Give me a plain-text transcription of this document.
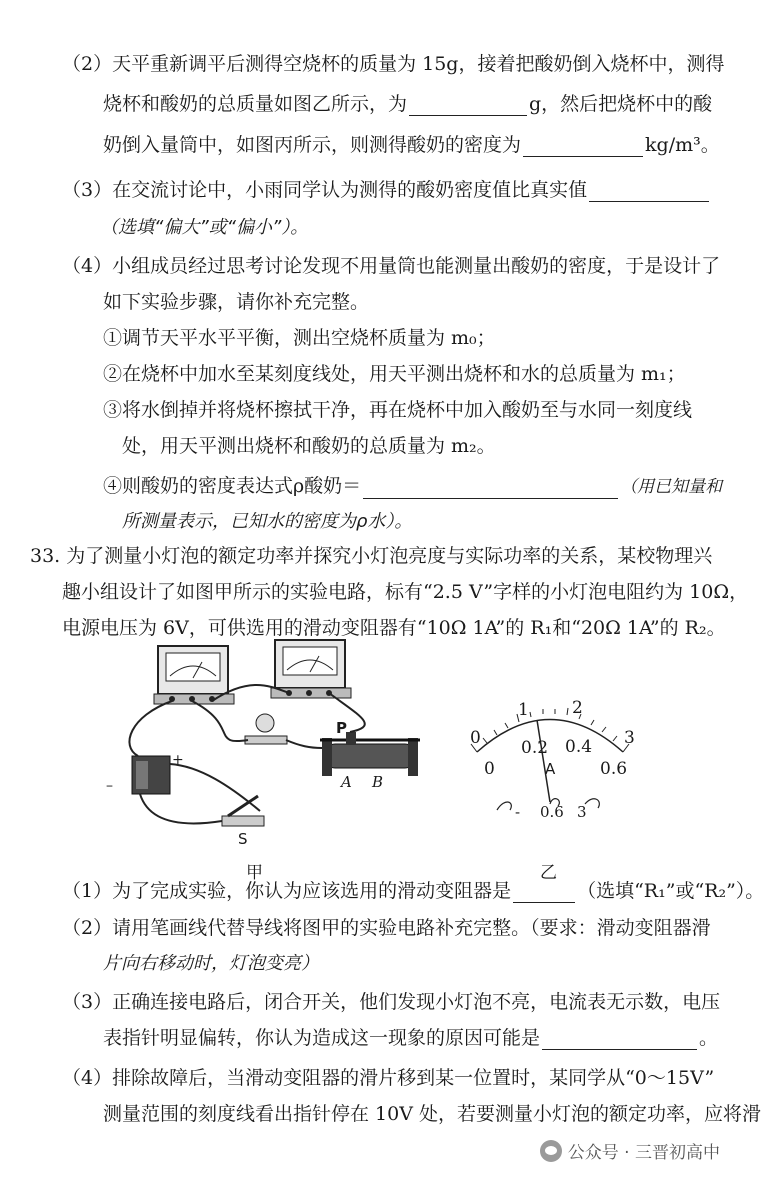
（2）天平重新调平后测得空烧杯的质量为 15g，接着把酸奶倒入烧杯中，测得
烧杯和酸奶的总质量如图乙所示，为	g，然后把烧杯中的酸
奶倒入量筒中，如图丙所示，则测得酸奶的密度为	kg/m³。
（3）在交流讨论中，小雨同学认为测得的酸奶密度值比真实值
（选填“偏大”或“偏小”）。
（4）小组成员经过思考讨论发现不用量筒也能测量出酸奶的密度，于是设计了
如下实验步骤，请你补充完整。
①调节天平水平平衡，测出空烧杯质量为 m₀；
②在烧杯中加水至某刻度线处，用天平测出烧杯和水的总质量为 m₁；
③将水倒掉并将烧杯擦拭干净，再在烧杯中加入酸奶至与水同一刻度线
处，用天平测出烧杯和酸奶的总质量为 m₂。
④则酸奶的密度表达式ρ酸奶＝	（用已知量和
所测量表示，已知水的密度为ρ水）。
33. 为了测量小灯泡的额定功率并探究小灯泡亮度与实际功率的关系，某校物理兴
趣小组设计了如图甲所示的实验电路，标有“2.5 V”字样的小灯泡电阻约为 10Ω，
电源电压为 6V，可供选用的滑动变阻器有“10Ω 1A”的 R₁和“20Ω 1A”的 R₂。
P
A B
–
+
S
甲
0
1	2
3
0
0.2 0.4
0.6
A
- 0.6 3
乙
（1）为了完成实验，你认为应该选用的滑动变阻器是	（选填“R₁”或“R₂”）。
（2）请用笔画线代替导线将图甲的实验电路补充完整。（要求：滑动变阻器滑
片向右移动时，灯泡变亮）
（3）正确连接电路后，闭合开关，他们发现小灯泡不亮，电流表无示数，电压
表指针明显偏转，你认为造成这一现象的原因可能是	。
（4）排除故障后，当滑动变阻器的滑片移到某一位置时，某同学从“0～15V”
测量范围的刻度线看出指针停在 10V 处，若要测量小灯泡的额定功率，应将滑
公众号 · 三晋初高中
